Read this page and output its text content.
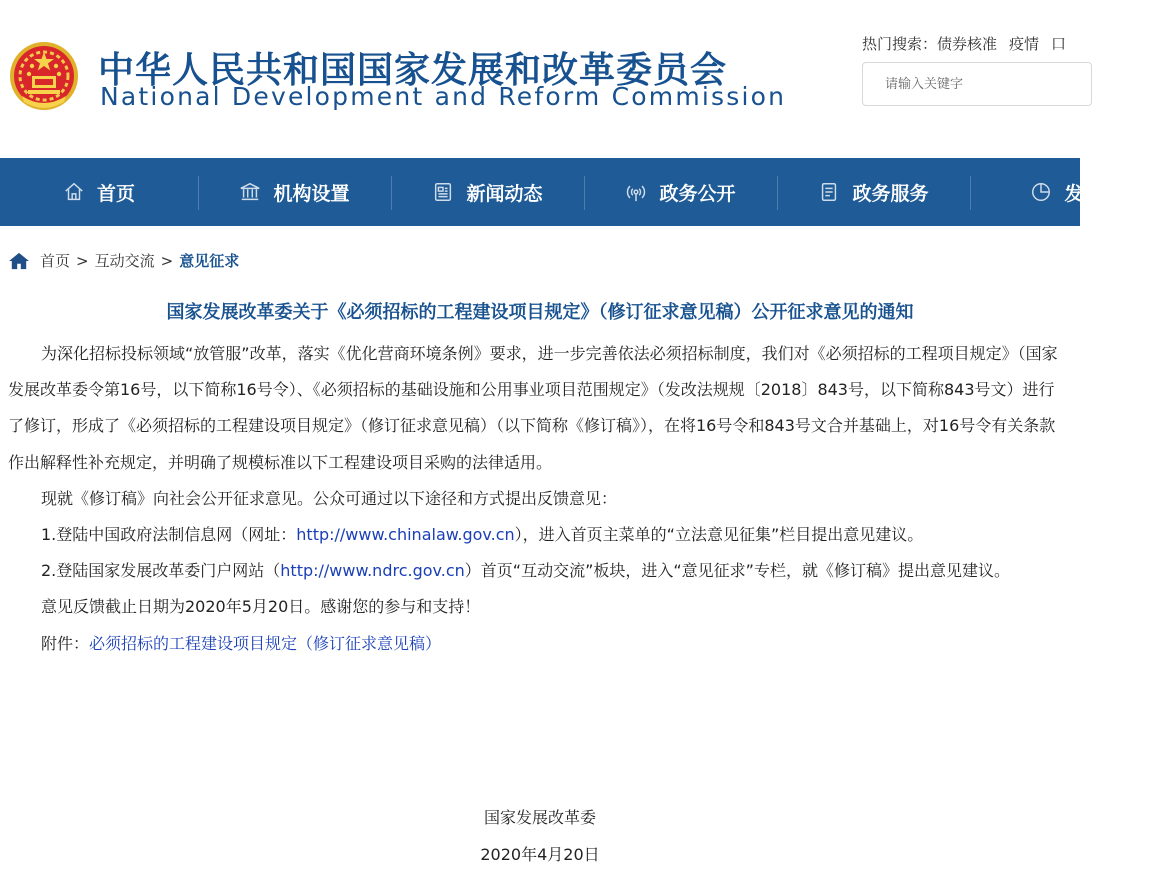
中华人民共和国国家发展和改革委员会
National Development and Reform Commission
热门搜索：债券核准 疫情 口
请输入关键字
首页	机构设置	新闻动态	政务公开	政务服务	发改
首页 > 互动交流 > 意见征求
国家发展改革委关于《必须招标的工程建设项目规定》（修订征求意见稿）公开征求意见的通知

为深化招标投标领域“放管服”改革，落实《优化营商环境条例》要求，进一步完善依法必须招标制度，我们对《必须招标的工程项目规定》（国家发展改革委令第16号，以下简称16号令）、《必须招标的基础设施和公用事业项目范围规定》（发改法规规〔2018〕843号，以下简称843号文）进行了修订，形成了《必须招标的工程建设项目规定》（修订征求意见稿）（以下简称《修订稿》），在将16号令和843号文合并基础上，对16号令有关条款作出解释性补充规定，并明确了规模标准以下工程建设项目采购的法律适用。

现就《修订稿》向社会公开征求意见。公众可通过以下途径和方式提出反馈意见：

1.登陆中国政府法制信息网（网址：http://www.chinalaw.gov.cn），进入首页主菜单的“立法意见征集”栏目提出意见建议。

2.登陆国家发展改革委门户网站（http://www.ndrc.gov.cn）首页“互动交流”板块，进入“意见征求”专栏，就《修订稿》提出意见建议。

意见反馈截止日期为2020年5月20日。感谢您的参与和支持！

附件：必须招标的工程建设项目规定（修订征求意见稿）

国家发展改革委
2020年4月20日
